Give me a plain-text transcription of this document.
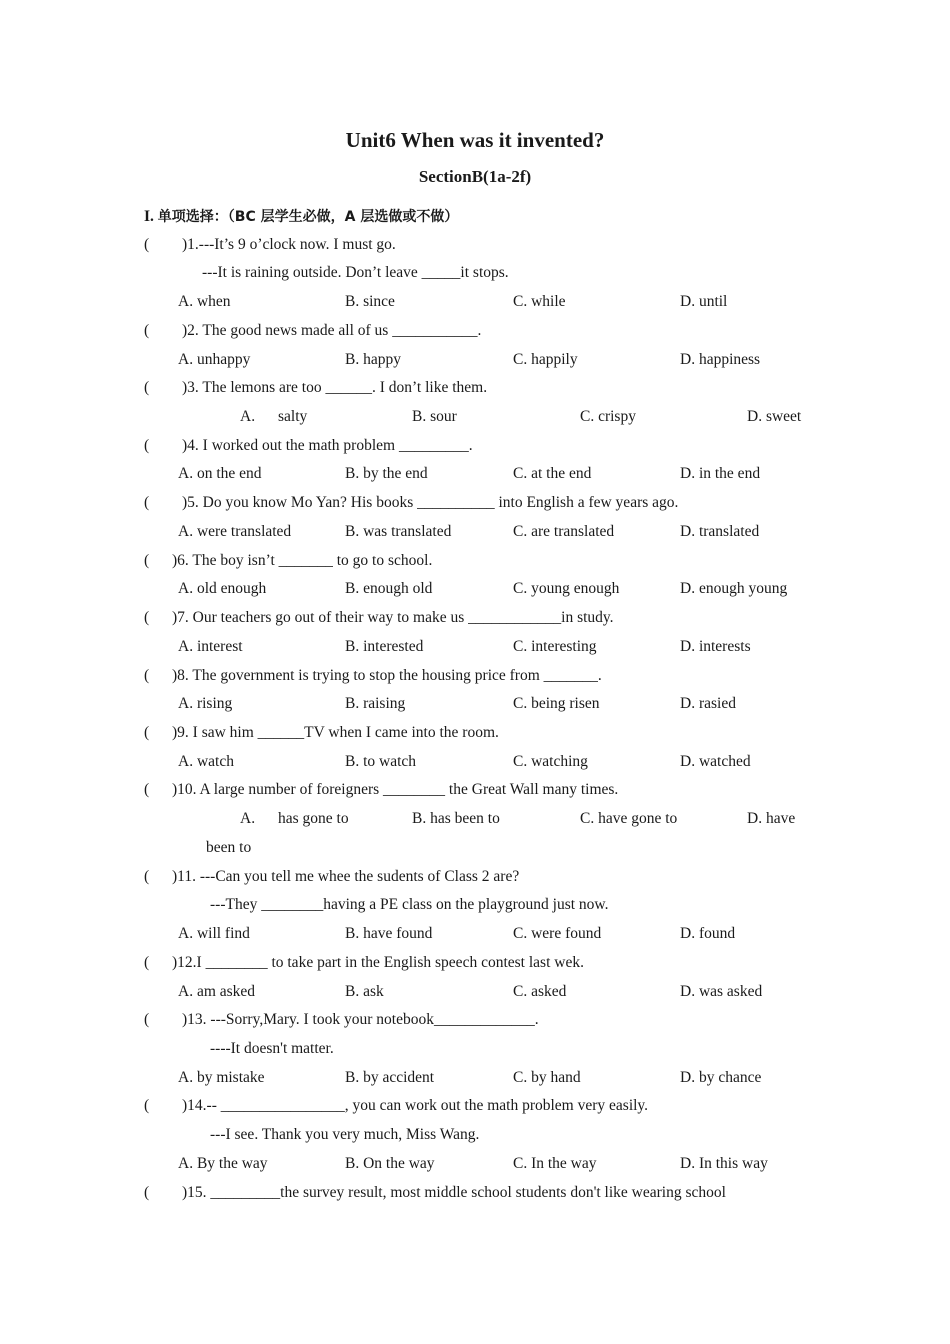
Unit6 When was it invented?
SectionB(1a-2f)
I. 单项选择：（BC 层学生必做，A 层选做或不做）
( )1.---It’s 9 o’clock now. I must go.
---It is raining outside. Don’t leave _____it stops.
A. when	B. since	C. while	D. until
( )2. The good news made all of us ___________.
A. unhappy	B. happy	C. happily	D. happiness
( )3. The lemons are too ______. I don’t like them.
A. salty	B. sour	C. crispy	D. sweet
( )4. I worked out the math problem _________.
A. on the end	B. by the end	C. at the end	D. in the end
( )5. Do you know Mo Yan? His books __________ into English a few years ago.
A. were translated	B. was translated	C. are translated	D. translated
( )6. The boy isn’t _______ to go to school.
A. old enough	B. enough old	C. young enough	D. enough young
( )7. Our teachers go out of their way to make us ____________in study.
A. interest	B. interested	C. interesting	D. interests
( )8. The government is trying to stop the housing price from _______.
A. rising	B. raising	C. being risen	D. rasied
( )9. I saw him ______TV when I came into the room.
A. watch	B. to watch	C. watching	D. watched
( )10. A large number of foreigners ________ the Great Wall many times.
A. has gone to	B. has been to	C. have gone to	D. have
been to
( )11. ---Can you tell me whee the sudents of Class 2 are?
---They ________having a PE class on the playground just now.
A. will find	B. have found	C. were found	D. found
( )12.I ________ to take part in the English speech contest last wek.
A. am asked	B. ask	C. asked	D. was asked
( )13. ---Sorry,Mary. I took your notebook_____________.
----It doesn't matter.
A. by mistake	B. by accident	C. by hand	D. by chance
( )14.-- ________________, you can work out the math problem very easily.
---I see. Thank you very much, Miss Wang.
A. By the way	B. On the way	C. In the way	D. In this way
( )15. _________the survey result, most middle school students don't like wearing school
